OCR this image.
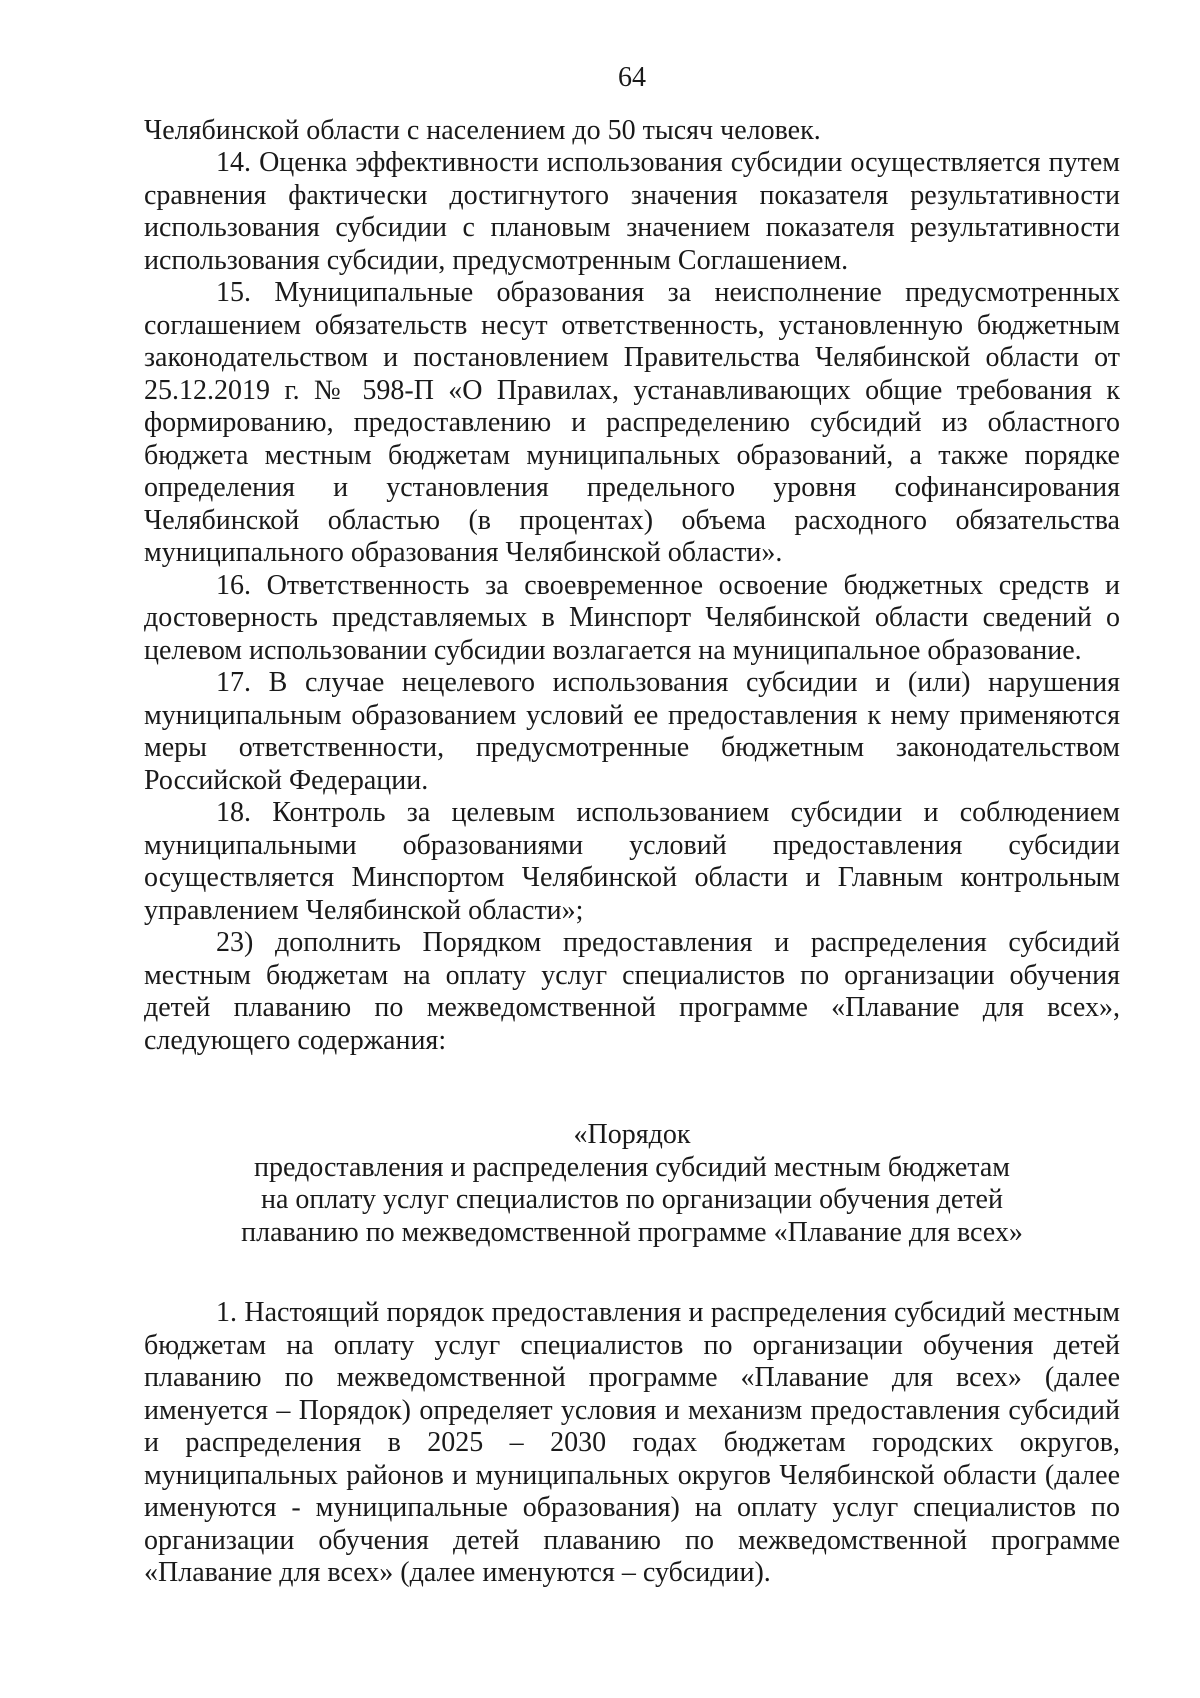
64

Челябинской области с населением до 50 тысяч человек.

14. Оценка эффективности использования субсидии осуществляется путем сравнения фактически достигнутого значения показателя результативности использования субсидии с плановым значением показателя результативности использования субсидии, предусмотренным Соглашением.

15. Муниципальные образования за неисполнение предусмотренных соглашением обязательств несут ответственность, установленную бюджетным законодательством и постановлением Правительства Челябинской области от 25.12.2019 г. № 598-П «О Правилах, устанавливающих общие требования к формированию, предоставлению и распределению субсидий из областного бюджета местным бюджетам муниципальных образований, а также порядке определения и установления предельного уровня софинансирования Челябинской областью (в процентах) объема расходного обязательства муниципального образования Челябинской области».

16. Ответственность за своевременное освоение бюджетных средств и достоверность представляемых в Минспорт Челябинской области сведений о целевом использовании субсидии возлагается на муниципальное образование.

17. В случае нецелевого использования субсидии и (или) нарушения муниципальным образованием условий ее предоставления к нему применяются меры ответственности, предусмотренные бюджетным законодательством Российской Федерации.

18. Контроль за целевым использованием субсидии и соблюдением муниципальными образованиями условий предоставления субсидии осуществляется Минспортом Челябинской области и Главным контрольным управлением Челябинской области»;

23) дополнить Порядком предоставления и распределения субсидий местным бюджетам на оплату услуг специалистов по организации обучения детей плаванию по межведомственной программе «Плавание для всех», следующего содержания:

«Порядок
предоставления и распределения субсидий местным бюджетам
на оплату услуг специалистов по организации обучения детей
плаванию по межведомственной программе «Плавание для всех»

1. Настоящий порядок предоставления и распределения субсидий местным бюджетам на оплату услуг специалистов по организации обучения детей плаванию по межведомственной программе «Плавание для всех» (далее именуется – Порядок) определяет условия и механизм предоставления субсидий и распределения в 2025 – 2030 годах бюджетам городских округов, муниципальных районов и муниципальных округов Челябинской области (далее именуются - муниципальные образования) на оплату услуг специалистов по организации обучения детей плаванию по межведомственной программе «Плавание для всех» (далее именуются – субсидии).
